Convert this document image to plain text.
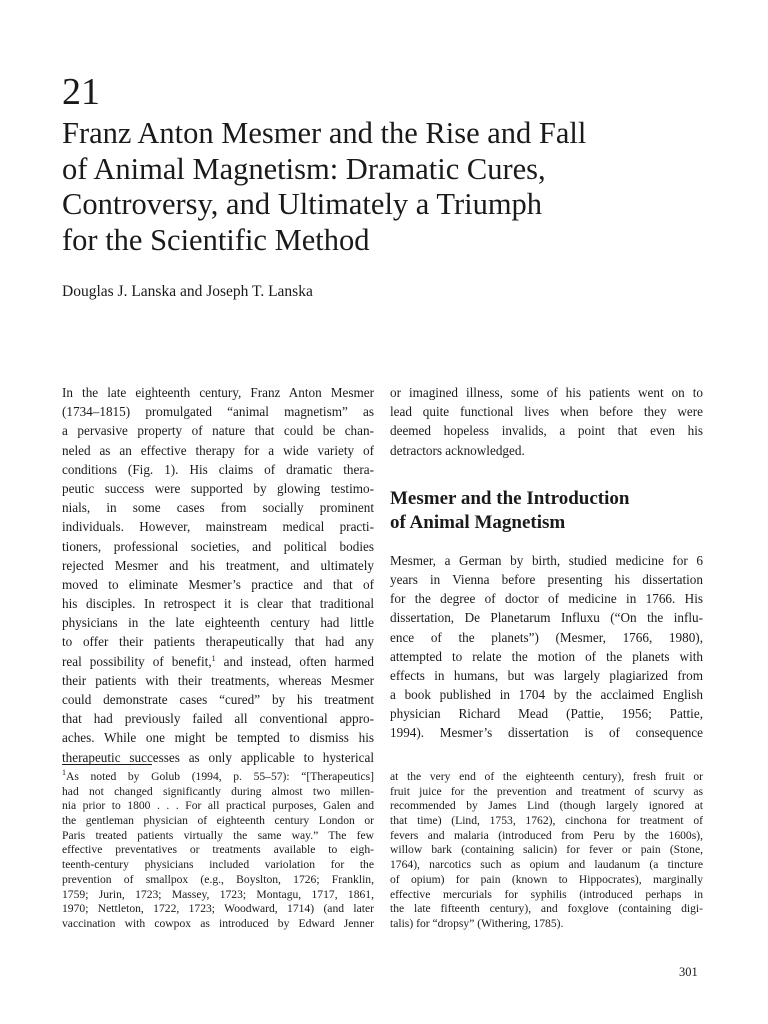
21
Franz Anton Mesmer and the Rise and Fall
of Animal Magnetism: Dramatic Cures,
Controversy, and Ultimately a Triumph
for the Scientific Method
Douglas J. Lanska and Joseph T. Lanska
In the late eighteenth century, Franz Anton Mesmer
(1734–1815) promulgated “animal magnetism” as
a pervasive property of nature that could be chan-
neled as an effective therapy for a wide variety of
conditions (Fig. 1). His claims of dramatic thera-
peutic success were supported by glowing testimo-
nials, in some cases from socially prominent
individuals. However, mainstream medical practi-
tioners, professional societies, and political bodies
rejected Mesmer and his treatment, and ultimately
moved to eliminate Mesmer’s practice and that of
his disciples. In retrospect it is clear that traditional
physicians in the late eighteenth century had little
to offer their patients therapeutically that had any
real possibility of benefit,$^1$ and instead, often harmed
their patients with their treatments, whereas Mesmer
could demonstrate cases “cured” by his treatment
that had previously failed all conventional appro-
aches. While one might be tempted to dismiss his
therapeutic successes as only applicable to hysterical
or imagined illness, some of his patients went on to
lead quite functional lives when before they were
deemed hopeless invalids, a point that even his
detractors acknowledged.
Mesmer and the Introduction
of Animal Magnetism
Mesmer, a German by birth, studied medicine for 6
years in Vienna before presenting his dissertation
for the degree of doctor of medicine in 1766. His
dissertation, De Planetarum Influxu (“On the influ-
ence of the planets”) (Mesmer, 1766, 1980),
attempted to relate the motion of the planets with
effects in humans, but was largely plagiarized from
a book published in 1704 by the acclaimed English
physician Richard Mead (Pattie, 1956; Pattie,
1994). Mesmer’s dissertation is of consequence
$^1$As noted by Golub (1994, p. 55–57): “[Therapeutics]
had not changed significantly during almost two millen-
nia prior to 1800 . . . For all practical purposes, Galen and
the gentleman physician of eighteenth century London or
Paris treated patients virtually the same way.” The few
effective preventatives or treatments available to eigh-
teenth-century physicians included variolation for the
prevention of smallpox (e.g., Boyslton, 1726; Franklin,
1759; Jurin, 1723; Massey, 1723; Montagu, 1717, 1861,
1970; Nettleton, 1722, 1723; Woodward, 1714) (and later
vaccination with cowpox as introduced by Edward Jenner
at the very end of the eighteenth century), fresh fruit or
fruit juice for the prevention and treatment of scurvy as
recommended by James Lind (though largely ignored at
that time) (Lind, 1753, 1762), cinchona for treatment of
fevers and malaria (introduced from Peru by the 1600s),
willow bark (containing salicin) for fever or pain (Stone,
1764), narcotics such as opium and laudanum (a tincture
of opium) for pain (known to Hippocrates), marginally
effective mercurials for syphilis (introduced perhaps in
the late fifteenth century), and foxglove (containing digi-
talis) for “dropsy” (Withering, 1785).
301
